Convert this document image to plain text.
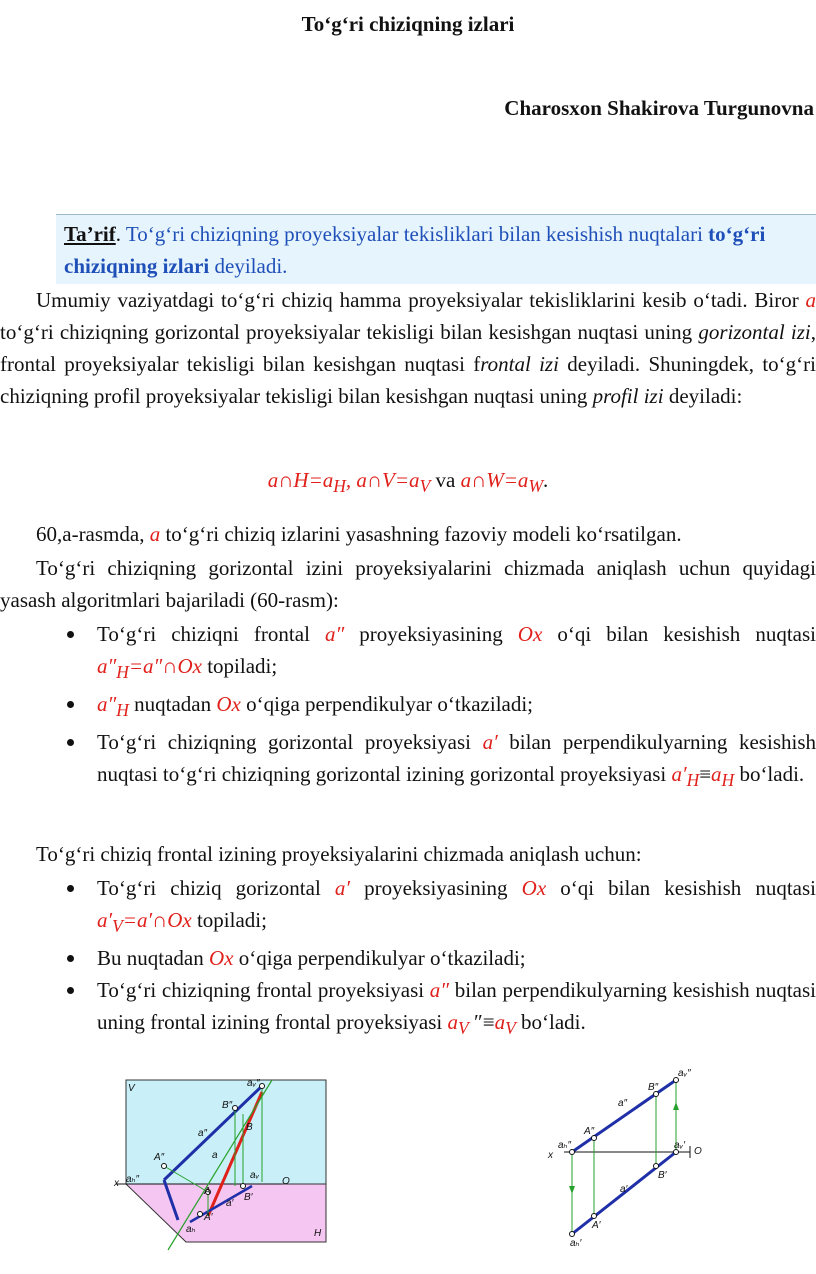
To‘g‘ri chiziqning izlari
Charosxon Shakirova Turgunovna
Ta’rif. To‘g‘ri chiziqning proyeksiyalar tekisliklari bilan kesishish nuqtalari to‘g‘ri chiziqning izlari deyiladi.

Umumiy vaziyatdagi to‘g‘ri chiziq hamma proyeksiyalar tekisliklarini kesib o‘tadi. Biror a to‘g‘ri chiziqning gorizontal proyeksiyalar tekisligi bilan kesishgan nuqtasi uning gorizontal izi, frontal proyeksiyalar tekisligi bilan kesishgan nuqtasi frontal izi deyiladi. Shuningdek, to‘g‘ri chiziqning profil proyeksiyalar tekisligi bilan kesishgan nuqtasi uning profil izi deyiladi:

$a\cap H=a_H$, $a\cap V=a_V$ va $a\cap W=a_W$.

60,a-rasmda, a to‘g‘ri chiziq izlarini yasashning fazoviy modeli ko‘rsatilgan.

To‘g‘ri chiziqning gorizontal izini proyeksiyalarini chizmada aniqlash uchun quyidagi yasash algoritmlari bajariladi (60-rasm):

To‘g‘ri chiziqni frontal a″ proyeksiyasining Ox o‘qi bilan kesishish nuqtasi $a''_H=a''\cap Ox$ topiladi;
$a''_H$ nuqtadan Ox o‘qiga perpendikulyar o‘tkaziladi;
To‘g‘ri chiziqning gorizontal proyeksiyasi a′ bilan perpendikulyarning kesishish nuqtasi to‘g‘ri chiziqning gorizontal izining gorizontal proyeksiyasi $a'_H\equiv a_H$ bo‘ladi.

To‘g‘ri chiziq frontal izining proyeksiyalarini chizmada aniqlash uchun:

To‘g‘ri chiziq gorizontal a′ proyeksiyasining Ox o‘qi bilan kesishish nuqtasi $a'_V=a'\cap Ox$ topiladi;
Bu nuqtadan Ox o‘qiga perpendikulyar o‘tkaziladi;
To‘g‘ri chiziqning frontal proyeksiyasi a″ bilan perpendikulyarning kesishish nuqtasi uning frontal izining frontal proyeksiyasi $a_V$ $''\equiv a_V$ bo‘ladi.
V
H
x	O
aᵥ″
B″
B
a″
a
A″
aₕ″
A
A′
aₕ
a′
B′
aᵥ
aᵥ″
B″
a″
A″
x
aₕ″	aᵥ′
O
B′
a′
A′
aₕ′
